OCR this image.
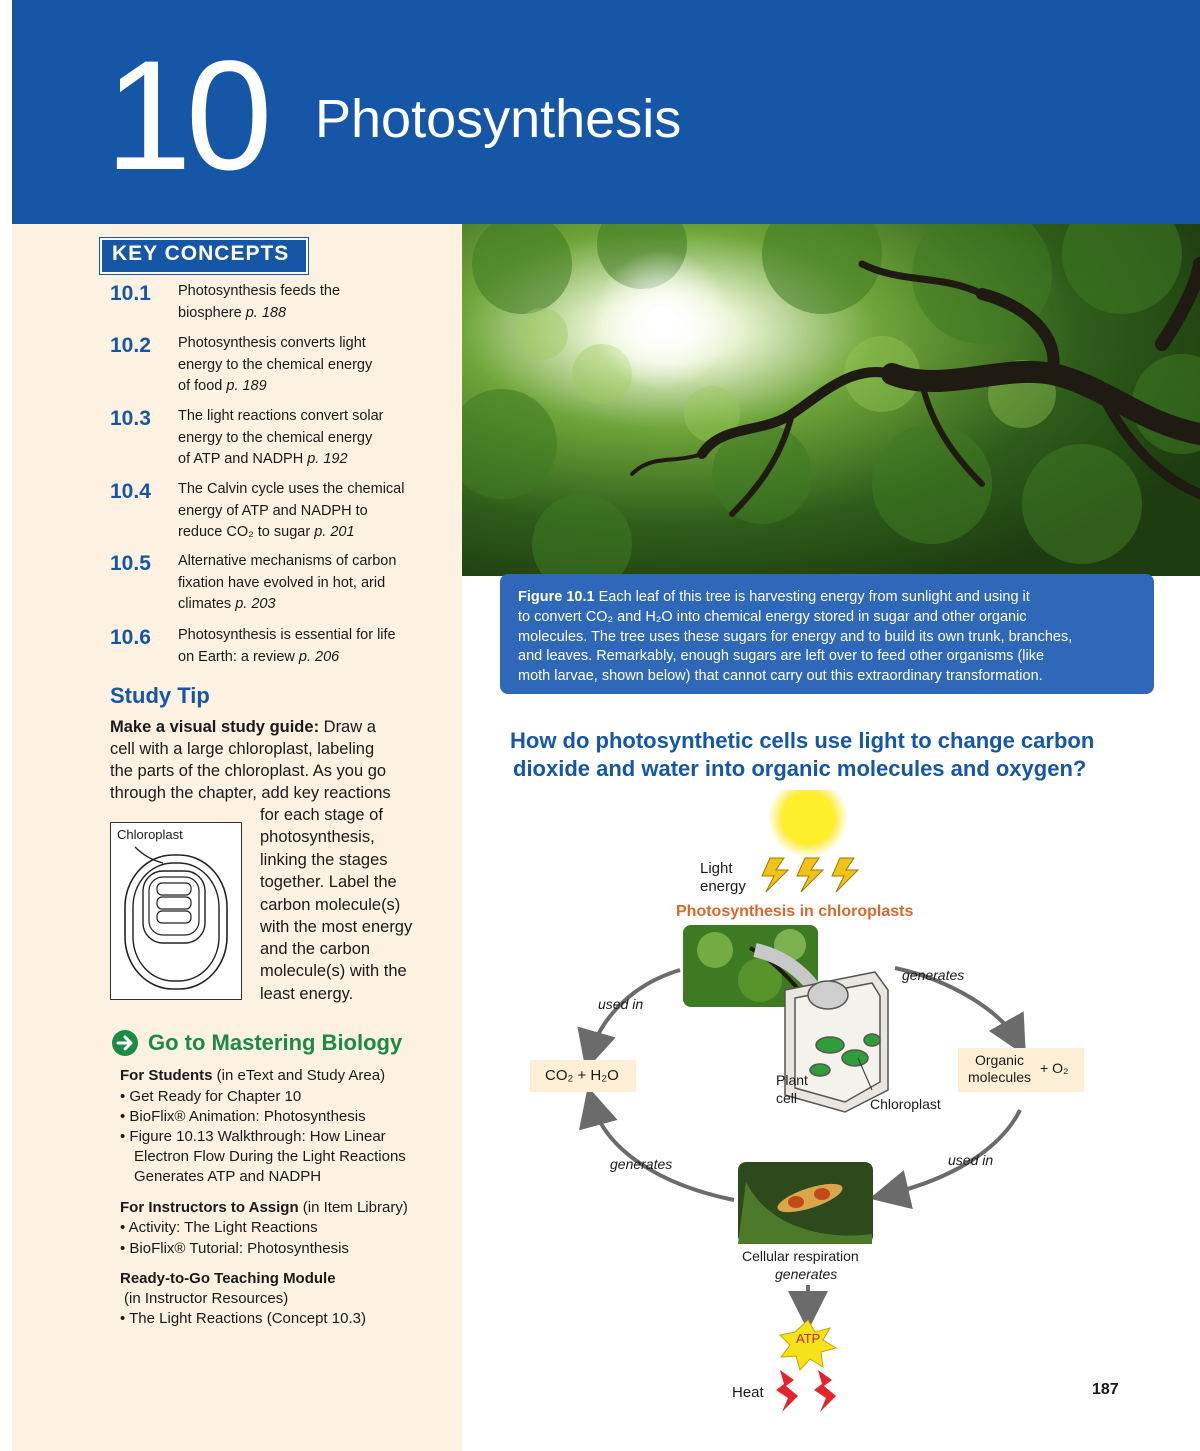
10 Photosynthesis
KEY CONCEPTS
10.1 Photosynthesis feeds the
biosphere p. 188
10.2 Photosynthesis converts light
energy to the chemical energy
of food p. 189
10.3 The light reactions convert solar
energy to the chemical energy
of ATP and NADPH p. 192
10.4 The Calvin cycle uses the chemical
energy of ATP and NADPH to
reduce CO₂ to sugar p. 201
10.5 Alternative mechanisms of carbon
fixation have evolved in hot, arid
climates p. 203
10.6 Photosynthesis is essential for life
on Earth: a review p. 206
Study Tip
Make a visual study guide: Draw a
cell with a large chloroplast, labeling
the parts of the chloroplast. As you go
through the chapter, add key reactions
for each stage of
photosynthesis,
linking the stages
together. Label the
carbon molecule(s)
with the most energy
and the carbon
molecule(s) with the
least energy.
Chloroplast
Go to Mastering Biology
For Students (in eText and Study Area)
• Get Ready for Chapter 10
• BioFlix® Animation: Photosynthesis
• Figure 10.13 Walkthrough: How Linear
Electron Flow During the Light Reactions
Generates ATP and NADPH
For Instructors to Assign (in Item Library)
• Activity: The Light Reactions
• BioFlix® Tutorial: Photosynthesis
Ready-to-Go Teaching Module
(in Instructor Resources)
• The Light Reactions (Concept 10.3)
Figure 10.1 Each leaf of this tree is harvesting energy from sunlight and using it
to convert CO₂ and H₂O into chemical energy stored in sugar and other organic
molecules. The tree uses these sugars for energy and to build its own trunk, branches,
and leaves. Remarkably, enough sugars are left over to feed other organisms (like
moth larvae, shown below) that cannot carry out this extraordinary transformation.
How do photosynthetic cells use light to change carbon
dioxide and water into organic molecules and oxygen?
Light
energy
Photosynthesis in chloroplasts
generates
used in
CO₂ + H₂O
Organic
molecules
+ O₂
Plant
cell	Chloroplast
generates	used in
Cellular respiration
generates
ATP
Heat	187
